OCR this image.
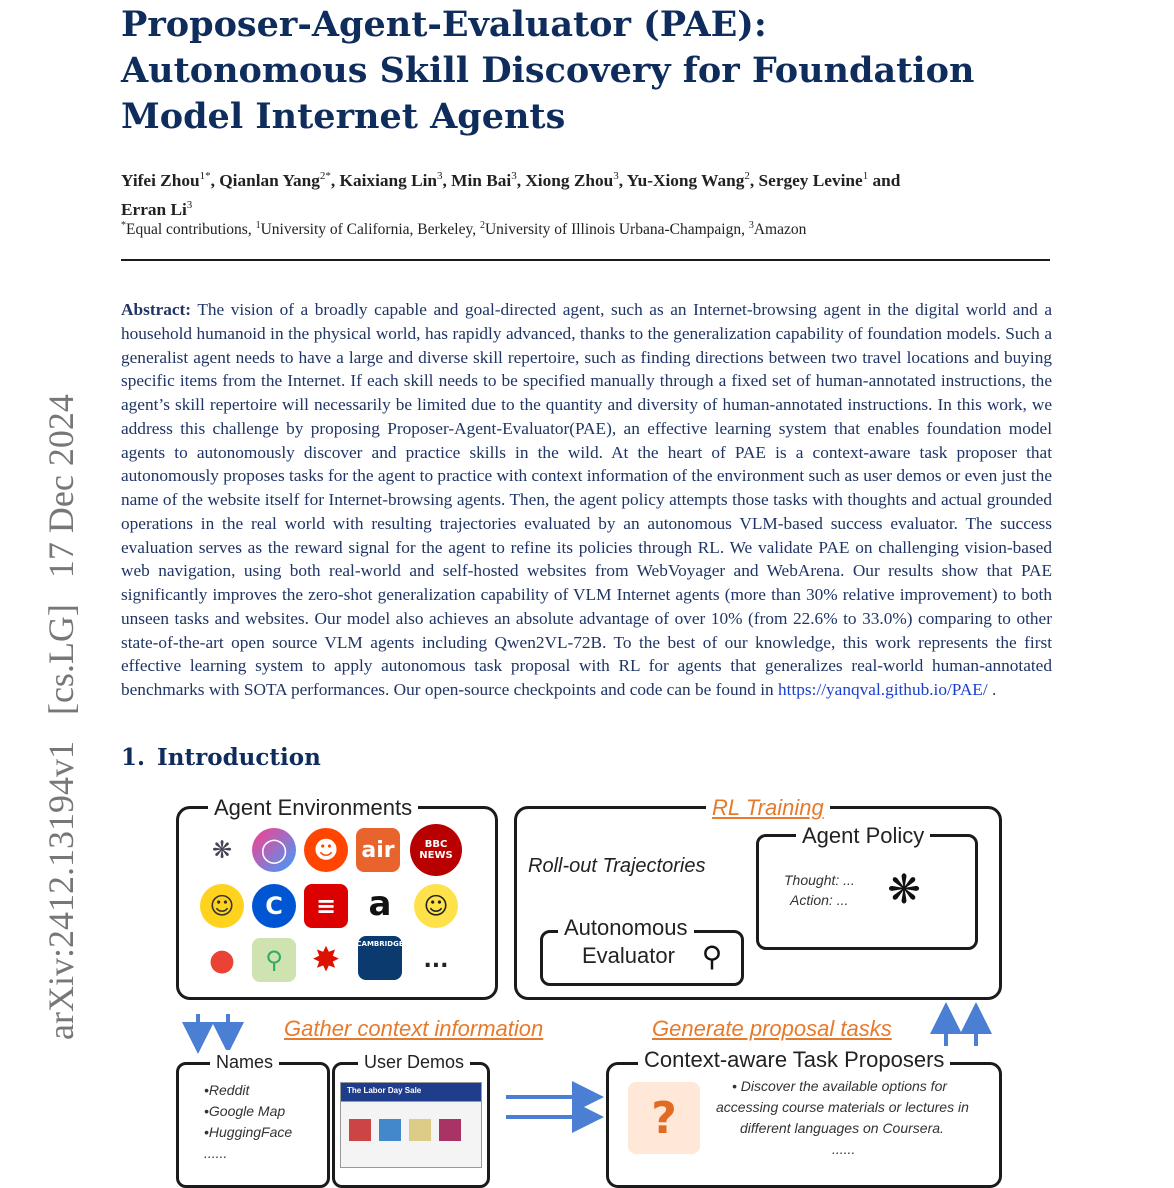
arXiv:2412.13194v1[cs.LG]17 Dec 2024
Proposer-Agent-Evaluator (PAE):
Autonomous Skill Discovery for Foundation
Model Internet Agents
Yifei Zhou$^{1*}$, Qianlan Yang$^{2*}$, Kaixiang Lin$^3$, Min Bai$^3$, Xiong Zhou$^3$, Yu-Xiong Wang$^2$, Sergey Levine$^1$ and
Erran Li$^3$
*Equal contributions, $^1$University of California, Berkeley, $^2$University of Illinois Urbana-Champaign, $^3$Amazon
Abstract: The vision of a broadly capable and goal-directed agent, such as an Internet-browsing agent in the digital world and a household humanoid in the physical world, has rapidly advanced, thanks to the generalization capability of foundation models. Such a generalist agent needs to have a large and diverse skill repertoire, such as finding directions between two travel locations and buying specific items from the Internet. If each skill needs to be specified manually through a fixed set of human-annotated instructions, the agent’s skill repertoire will necessarily be limited due to the quantity and diversity of human-annotated instructions. In this work, we address this challenge by proposing Proposer-Agent-Evaluator(PAE), an effective learning system that enables foundation model agents to autonomously discover and practice skills in the wild. At the heart of PAE is a context-aware task proposer that autonomously proposes tasks for the agent to practice with context information of the environment such as user demos or even just the name of the website itself for Internet-browsing agents. Then, the agent policy attempts those tasks with thoughts and actual grounded operations in the real world with resulting trajectories evaluated by an autonomous VLM-based success evaluator. The success evaluation serves as the reward signal for the agent to refine its policies through RL. We validate PAE on challenging vision-based web navigation, using both real-world and self-hosted websites from WebVoyager and WebArena. Our results show that PAE significantly improves the zero-shot generalization capability of VLM Internet agents (more than 30% relative improvement) to both unseen tasks and websites. Our model also achieves an absolute advantage of over 10% (from 22.6% to 33.0%) comparing to other state-of-the-art open source VLM agents including Qwen2VL-72B. To the best of our knowledge, this work represents the first effective learning system to apply autonomous task proposal with RL for agents that generalizes real-world human-annotated benchmarks with SOTA performances. Our open-source checkpoints and code can be found in https://yanqval.github.io/PAE/ .
1. Introduction
Agent Environments
❋	◯	☻	air	BBC
NEWS
☺	C	≡ a	☺
●	⚲ ✸	CAMBRIDGE
...
RL Training
Roll-out Trajectories
Agent Policy
Thought: ...
Action: ... ❋
Autonomous
Evaluator ⚲
Gather context information	Generate proposal tasks
Names
•Reddit
•Google Map
•HuggingFace
......
User Demos
The Labor Day Sale
Context-aware Task Proposers
?
• Discover the available options for
accessing course materials or lectures in
different languages on Coursera.
......
